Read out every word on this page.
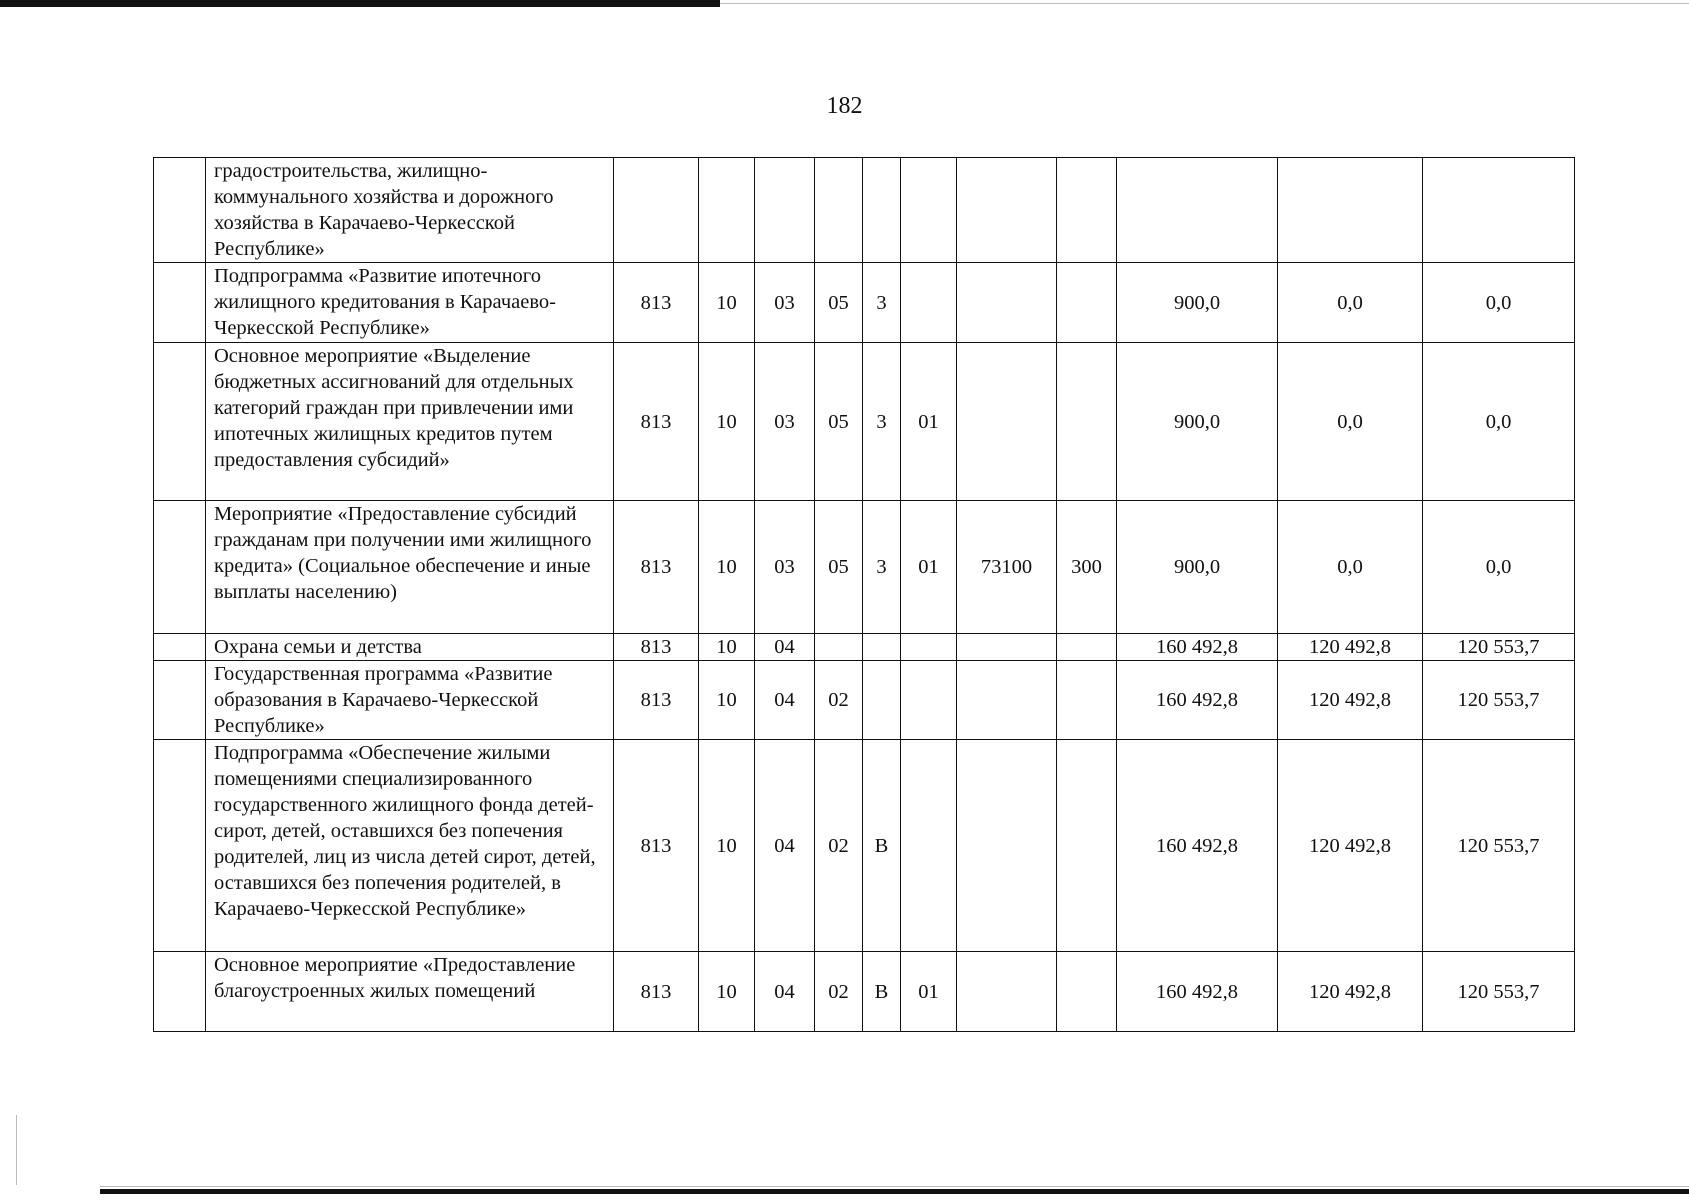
182
	градостроительства, жилищно-коммунального хозяйства и дорожного хозяйства в Карачаево-Черкесской Республике»											
	Подпрограмма «Развитие ипотечного жилищного кредитования в Карачаево-Черкесской Республике»	813	10	03	05	3				900,0	0,0	0,0
	Основное мероприятие «Выделение бюджетных ассигнований для отдельных категорий граждан при привлечении ими ипотечных жилищных кредитов путем предоставления субсидий»	813	10	03	05	3	01			900,0	0,0	0,0
	Мероприятие «Предоставление субсидий гражданам при получении ими жилищного кредита» (Социальное обеспечение и иные выплаты населению)	813	10	03	05	3	01	73100	300	900,0	0,0	0,0
	Охрана семьи и детства	813	10	04						160 492,8	120 492,8	120 553,7
	Государственная программа «Развитие образования в Карачаево-Черкесской Республике»	813	10	04	02					160 492,8	120 492,8	120 553,7
	Подпрограмма «Обеспечение жилыми помещениями специализированного государственного жилищного фонда детей-сирот, детей, оставшихся без попечения родителей, лиц из числа детей сирот, детей, оставшихся без попечения родителей, в Карачаево-Черкесской Республике»	813	10	04	02	В				160 492,8	120 492,8	120 553,7
	Основное мероприятие «Предоставление благоустроенных жилых помещений	813	10	04	02	В	01			160 492,8	120 492,8	120 553,7
